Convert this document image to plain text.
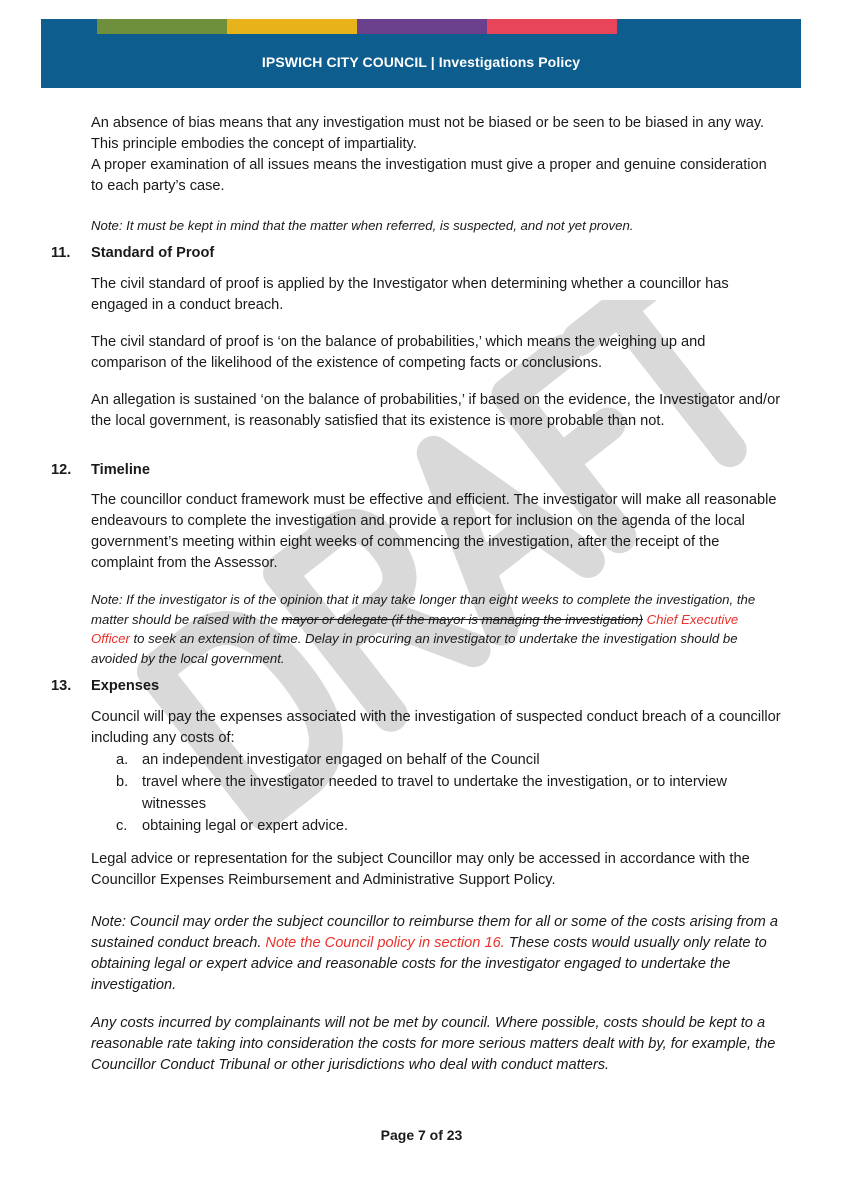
IPSWICH CITY COUNCIL | Investigations Policy

An absence of bias means that any investigation must not be biased or be seen to be biased in any way. This principle embodies the concept of impartiality.

A proper examination of all issues means the investigation must give a proper and genuine consideration to each party’s case.

Note: It must be kept in mind that the matter when referred, is suspected, and not yet proven.

11. Standard of Proof

The civil standard of proof is applied by the Investigator when determining whether a councillor has engaged in a conduct breach.

The civil standard of proof is ‘on the balance of probabilities,’ which means the weighing up and comparison of the likelihood of the existence of competing facts or conclusions.

An allegation is sustained ‘on the balance of probabilities,’ if based on the evidence, the Investigator and/or the local government, is reasonably satisfied that its existence is more probable than not.

12. Timeline

The councillor conduct framework must be effective and efficient. The investigator will make all reasonable endeavours to complete the investigation and provide a report for inclusion on the agenda of the local government’s meeting within eight weeks of commencing the investigation, after the receipt of the complaint from the Assessor.

Note: If the investigator is of the opinion that it may take longer than eight weeks to complete the investigation, the matter should be raised with the mayor or delegate (if the mayor is managing the investigation) Chief Executive Officer to seek an extension of time. Delay in procuring an investigator to undertake the investigation should be avoided by the local government.

13. Expenses

Council will pay the expenses associated with the investigation of suspected conduct breach of a councillor including any costs of:

a. an independent investigator engaged on behalf of the Council
b. travel where the investigator needed to travel to undertake the investigation, or to interview witnesses
c.	obtaining legal or expert advice.

Legal advice or representation for the subject Councillor may only be accessed in accordance with the Councillor Expenses Reimbursement and Administrative Support Policy.

Note: Council may order the subject councillor to reimburse them for all or some of the costs arising from a sustained conduct breach. Note the Council policy in section 16. These costs would usually only relate to obtaining legal or expert advice and reasonable costs for the investigator engaged to undertake the investigation.

Any costs incurred by complainants will not be met by council. Where possible, costs should be kept to a reasonable rate taking into consideration the costs for more serious matters dealt with by, for example, the Councillor Conduct Tribunal or other jurisdictions who deal with conduct matters.

Page 7 of 23
